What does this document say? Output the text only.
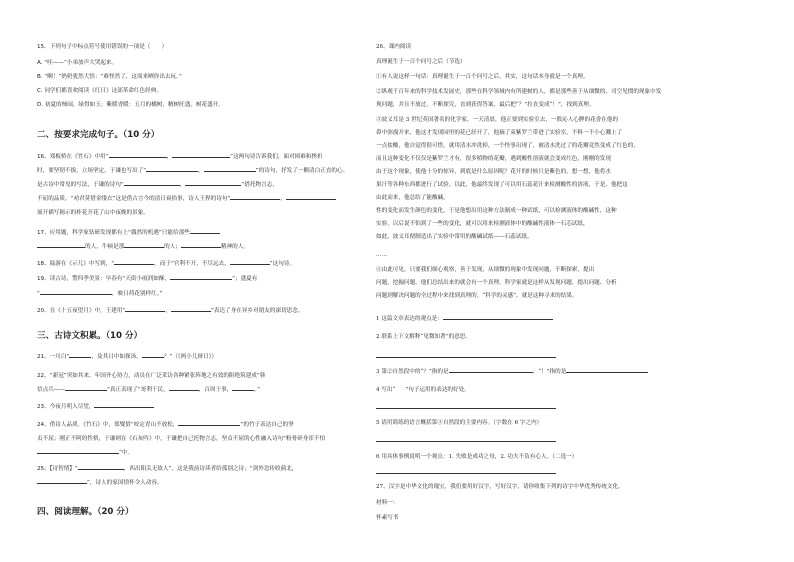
15、下列句子中标点符号使用错误的一项是（　　）
A. “哇——”小弟放声大哭起来。
B. “啊！”奶奶犹然大悟：“难怪然了，这周来晒你出去玩。”
C. 同学们都喜欢阅读《红日》这部革命红色经典。
D. 初夏的柿园，绿得如玉；紫暖香暖：五月的橘树，精树旺盛，树花盛开。
二、按要求完成句子。（10 分）
16、郑板桥在《竹石》中用“	，	”这两句诗告诉我们，面对困难和挫折
时，要坚韧不拔，立场坚定。于谦也写出了“	，	”的诗句，抒发了一颗清白正直的心。
是古诗中常见的写法，于谦的诗句“	，	”借托物言志，
不屈的品质。“劝君莫惜金缕衣”这是借古言今的清日衰拾事，诗人王捍的诗句“	，
展开描写揭示的桂花开花了山中夜晚的景象。
17、应用题，科学家钻研发现都有上“偶然的机遇”只能给那些
的人，牛顿是那	的人；	精神的人。
18、陆游在《示儿》中写到，“	，而于“官利不开，不尽远去，	”这句诗。
19、读古诗，警四季美景：早春有“天街小雨润如酥，	”；盛夏有
“	，映日荷花别样红。”
20、在《十五夜望月》中，王建用“	，	”表达了身在异乡对朋友的深切思念。
三、古诗文积累。（10 分）
21、一川白“	，及其日中如探汤，	？”（《两小儿辩日》）
22、“新冠”突如其来，年国齐心协力，动员在广泛采访各种紧张阵地之有效的阻绝筑建成“韩
信点兵——	”真正表现了“哥利干民，	，百周于事，	。”
23、今夜月明人尽望，
24、借诗人品质。《竹石》中，郑燮借“咬定青山不放松，	”的竹子表达自己的坚
贞不屈；刚正不阿的性格，于谦则在《石灰吟》中，于谦把自己托物言志，坚贞不屈的心性融入诗句“粉骨碎身浑不怕
”中。
25、【诗智情】“	，西出阳关无故人”，这是我前诗读者给孤别之诗；“剑外忽传收蓟北，
”，诗人的家国情怀令人动容。
四、阅读理解。（20 分）
26、课内阅读
真理诞生于一百个问号之后（节选）
①有人说这样一句话：真理诞生于一百个问号之后。其实，这句话本身就是一个真理。
②纵观千百年来的科学技术发展史，那些在科学领域内有所建树的人，都是那些善于从细微的、司空见惯的现象中发
现问题，并且不放过，不断探究，直到获得答案，最后把“？”拉直变成“！”，找到真理。
③波义耳是 3 世纪英国著名的化学家。一天清晨，他正要到实验室去，一股沁人心脾的花香在他的
鼻中弥漫开来，他这才发现园里的花已经开了，他摘了束紫罗兰带进了实验室，不料一不小心溅上了
一点盐酸，他自觉得很可惜，就用清水冲洗掉，一个怪事出现了，被清水洗过了的花瓣竟然变成了红色的，
而且这种变化不仅仅是紫罗兰才有，很多植物的花瓣，遇到酸性溶液就会变成红色，刚刚的发现
由于这个现象，使他十分的惊异，到底是什么原因呢？花开的时候只是紫色的，想一想，他将水
果汁等各种东西都进行了试验。以此，他最终发现了可以用石蕊花汁来检测酸性的溶液，于是，他把这
由此而来，他总结了能酸碱，
性的变化而发生颜色的变化，于是他想出用这种方法制成一种试纸，可以检测液体的酸碱性，这种
实验，以后说不怕到了一些的变化，就可以用来检测液体中的酸碱性液体一石芯试纸，
如此，波义耳便制造出了实验中常用的酸碱试纸——石蕊试纸。
……
④由此可见，只要我们细心观察，善于发现，从细微的现象中发现问题，不断探索，提出
问题，挖掘问题，他们总结出来的就会有一个真理。科学家就是这样从发现问题、提出问题、分析
问题到解决问题的全过程中来找到真理的。“科学的灵感”，就是这种寻求的结果。
1 这篇文章表达的观点是：
2 联系上下文解释“见微知著”的意思。
3 第②自然段中的“？”指的是	；“！”指的是
4 写出“ ”句子运用的表达的好处。
5 请用简练的语言概括第③自然段的主要内容。（字数在 6 字之内）
6 用具体事例说明一个观点：1. 失败是成功之母，2. 功夫不负有心人。（二选一）
27、汉字是中华文化的瑰宝，我们要用好汉字，写好汉字，请你收集下列的诗字中华优秀传统文化。
材料一：
怀素写书
